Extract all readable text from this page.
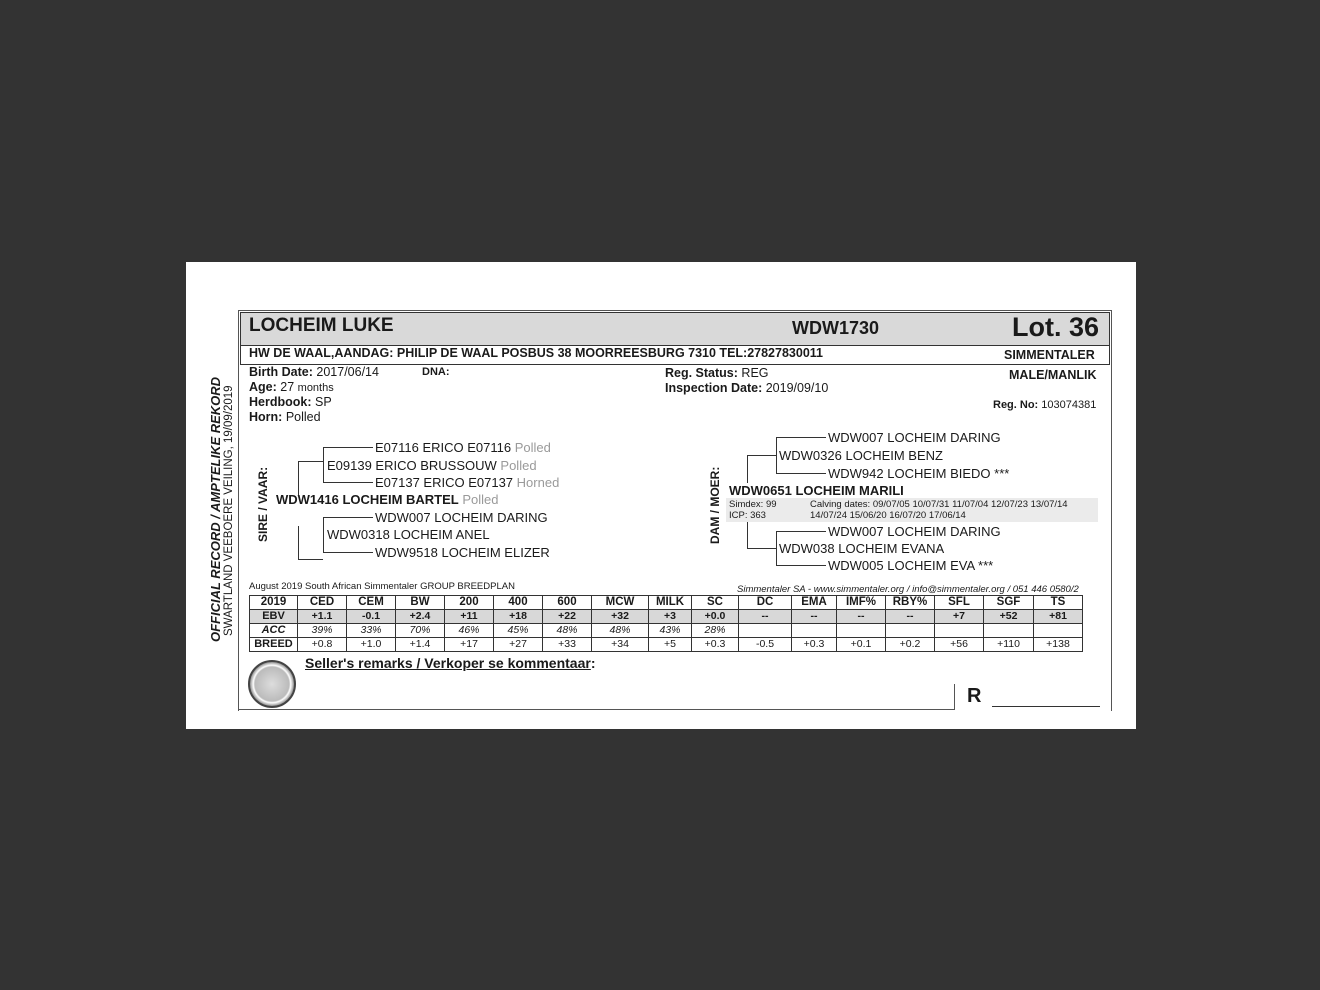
OFFICIAL RECORD / AMPTELIKE REKORD SWARTLAND VEEBOERE VEILING, 19/09/2019
LOCHEIM LUKE	WDW1730	Lot. 36
HW DE WAAL,AANDAG: PHILIP DE WAAL POSBUS 38 MOORREESBURG 7310 TEL:27827830011	SIMMENTALER
Birth Date: 2017/06/14	DNA:
Age: 27 months
Herdbook: SP
Horn: Polled
Reg. Status: REG
Inspection Date: 2019/09/10
MALE/MANLIK
Reg. No: 103074381
SIRE / VAAR:
E07116 ERICO E07116 Polled
E09139 ERICO BRUSSOUW Polled
E07137 ERICO E07137 Horned
WDW1416 LOCHEIM BARTEL Polled
WDW007 LOCHEIM DARING
WDW0318 LOCHEIM ANEL
WDW9518 LOCHEIM ELIZER
DAM / MOER:
WDW007 LOCHEIM DARING
WDW0326 LOCHEIM BENZ
WDW942 LOCHEIM BIEDO ***
WDW0651 LOCHEIM MARILI
Simdex: 99
ICP: 363
Calving dates: 09/07/05 10/07/31 11/07/04 12/07/23 13/07/14
14/07/24 15/06/20 16/07/20 17/06/14
WDW007 LOCHEIM DARING
WDW038 LOCHEIM EVANA
WDW005 LOCHEIM EVA ***
August 2019 South African Simmentaler GROUP BREEDPLAN	Simmentaler SA - www.simmentaler.org / info@simmentaler.org / 051 446 0580/2
2019	CED	CEM	BW	200	400	600	MCW	MILK	SC	DC	EMA	IMF%	RBY%	SFL	SGF	TS
EBV	+1.1	-0.1	+2.4	+11	+18	+22	+32	+3	+0.0	--	--	--	--	+7	+52	+81
ACC	39%	33%	70%	46%	45%	48%	48%	43%	28%							
BREED	+0.8	+1.0	+1.4	+17	+27	+33	+34	+5	+0.3	-0.5	+0.3	+0.1	+0.2	+56	+110	+138
Seller's remarks / Verkoper se kommentaar:
R
